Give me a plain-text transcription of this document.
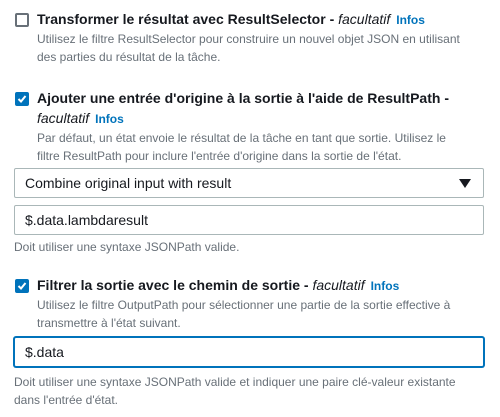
Transformer le résultat avec ResultSelector - facultatif Infos
Utilisez le filtre ResultSelector pour construire un nouvel objet JSON en utilisant
des parties du résultat de la tâche.
Ajouter une entrée d'origine à la sortie à l'aide de ResultPath -
facultatif Infos
Par défaut, un état envoie le résultat de la tâche en tant que sortie. Utilisez le
filtre ResultPath pour inclure l'entrée d'origine dans la sortie de l'état.
Combine original input with result
$.data.lambdaresult
Doit utiliser une syntaxe JSONPath valide.
Filtrer la sortie avec le chemin de sortie - facultatif Infos
Utilisez le filtre OutputPath pour sélectionner une partie de la sortie effective à
transmettre à l'état suivant.
$.data
Doit utiliser une syntaxe JSONPath valide et indiquer une paire clé-valeur existante
dans l'entrée d'état.
